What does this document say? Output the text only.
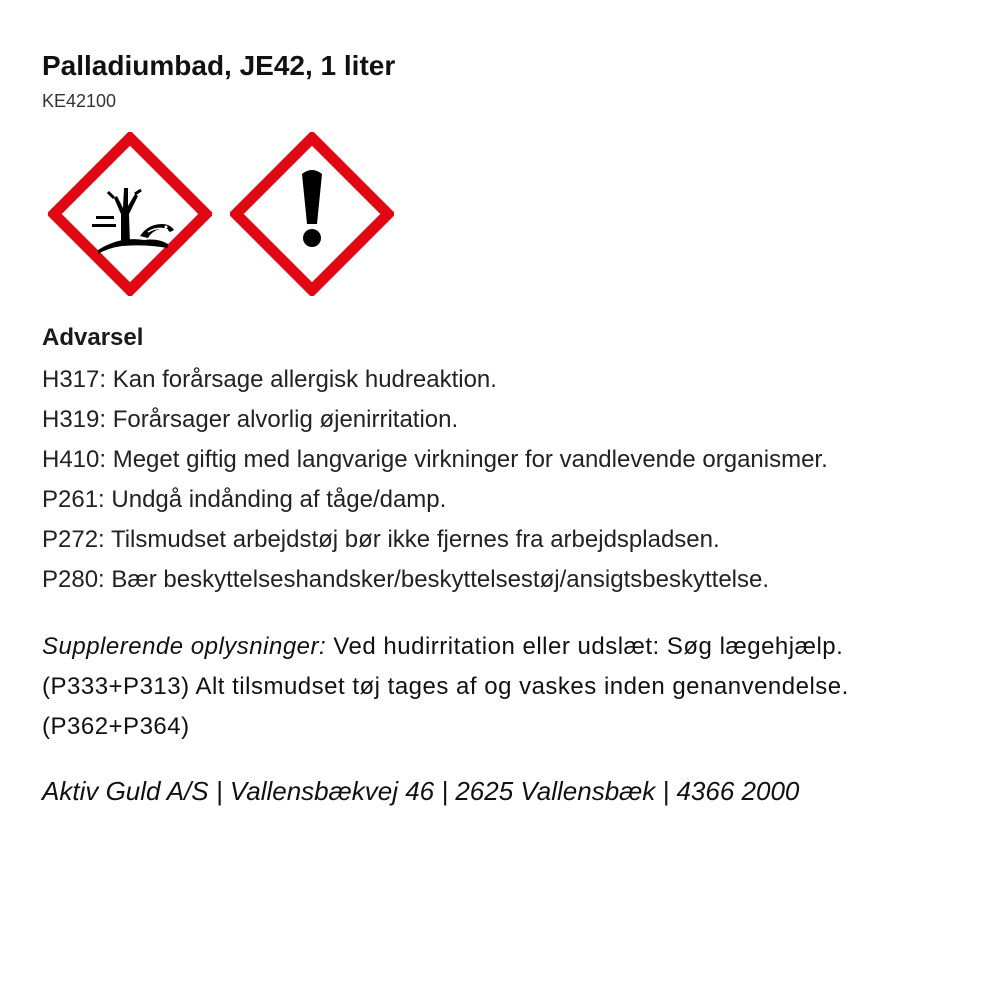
Palladiumbad, JE42, 1 liter
KE42100
Advarsel
H317: Kan forårsage allergisk hudreaktion.
H319: Forårsager alvorlig øjenirritation.
H410: Meget giftig med langvarige virkninger for vandlevende organismer.
P261: Undgå indånding af tåge/damp.
P272: Tilsmudset arbejdstøj bør ikke fjernes fra arbejdspladsen.
P280: Bær beskyttelseshandsker/beskyttelsestøj/ansigtsbeskyttelse.

Supplerende oplysninger: Ved hudirritation eller udslæt: Søg lægehjælp. (P333+P313) Alt tilsmudset tøj tages af og vaskes inden genanvendelse. (P362+P364)

Aktiv Guld A/S | Vallensbækvej 46 | 2625 Vallensbæk | 4366 2000
